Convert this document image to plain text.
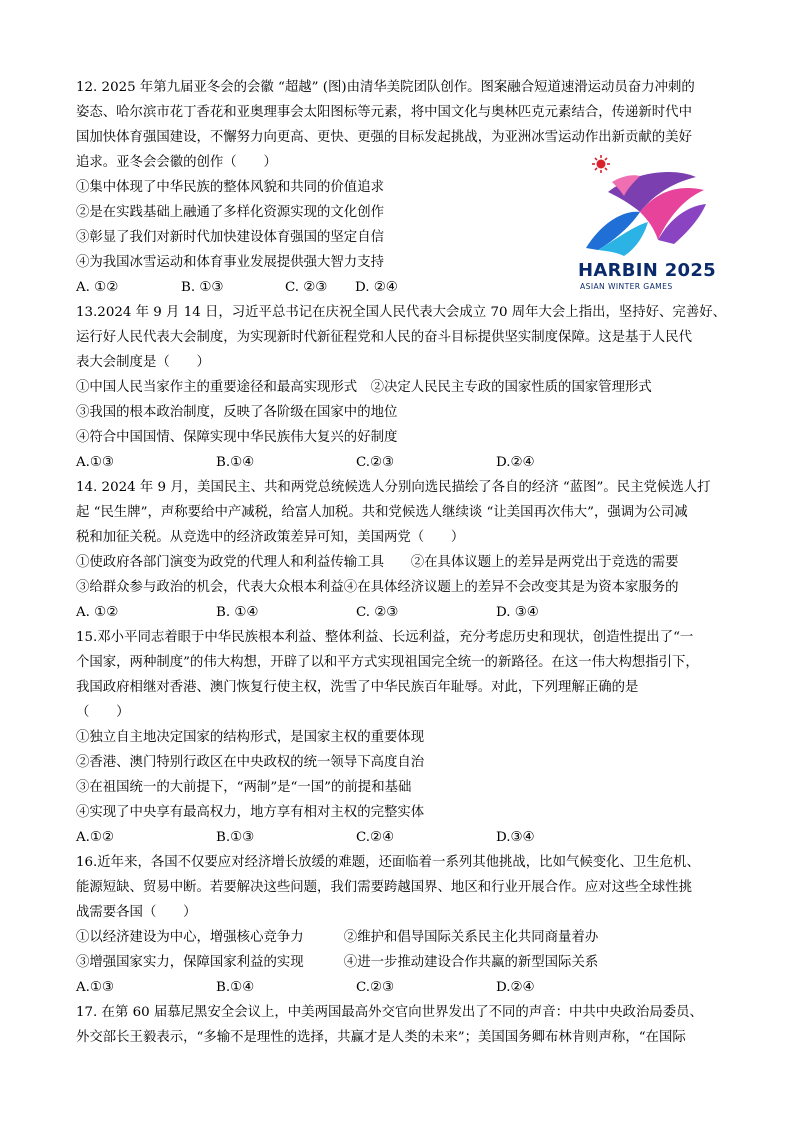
12. 2025 年第九届亚冬会的会徽 “超越” (图)由清华美院团队创作。图案融合短道速滑运动员奋力冲刺的
姿态、哈尔滨市花丁香花和亚奥理事会太阳图标等元素，将中国文化与奥林匹克元素结合，传递新时代中
国加快体育强国建设，不懈努力向更高、更快、更强的目标发起挑战，为亚洲冰雪运动作出新贡献的美好
追求。亚冬会会徽的创作（　　）
①集中体现了中华民族的整体风貌和共同的价值追求
②是在实践基础上融通了多样化资源实现的文化创作
③彰显了我们对新时代加快建设体育强国的坚定自信
④为我国冰雪运动和体育事业发展提供强大智力支持
A. ①②	B. ①③	C. ②③ D. ②④
HARBIN 2025
ASIAN WINTER GAMES
13.2024 年 9 月 14 日，习近平总书记在庆祝全国人民代表大会成立 70 周年大会上指出，坚持好、完善好、
运行好人民代表大会制度，为实现新时代新征程党和人民的奋斗目标提供坚实制度保障。这是基于人民代
表大会制度是（　　）
①中国人民当家作主的重要途径和最高实现形式　②决定人民民主专政的国家性质的国家管理形式
③我国的根本政治制度，反映了各阶级在国家中的地位
④符合中国国情、保障实现中华民族伟大复兴的好制度
A.①③	B.①④	C.②③	D.②④
14. 2024 年 9 月，美国民主、共和两党总统候选人分别向选民描绘了各自的经济 “蓝图”。民主党候选人打
起 “民生牌”，声称要给中产减税，给富人加税。共和党候选人继续谈 “让美国再次伟大”，强调为公司减
税和加征关税。从竞选中的经济政策差异可知，美国两党（　　）
①使政府各部门演变为政党的代理人和利益传输工具　　②在具体议题上的差异是两党出于竞选的需要
③给群众参与政治的机会，代表大众根本利益④在具体经济议题上的差异不会改变其是为资本家服务的
A. ①②	B. ①④	C. ②③	D. ③④
15.邓小平同志着眼于中华民族根本利益、整体利益、长远利益，充分考虑历史和现状，创造性提出了“一
个国家，两种制度”的伟大构想，开辟了以和平方式实现祖国完全统一的新路径。在这一伟大构想指引下，
我国政府相继对香港、澳门恢复行使主权，洗雪了中华民族百年耻辱。对此，下列理解正确的是
（　　）
①独立自主地决定国家的结构形式，是国家主权的重要体现
②香港、澳门特别行政区在中央政权的统一领导下高度自治
③在祖国统一的大前提下，“两制”是“一国”的前提和基础
④实现了中央享有最高权力，地方享有相对主权的完整实体
A.①②	B.①③	C.②④	D.③④
16.近年来，各国不仅要应对经济增长放缓的难题，还面临着一系列其他挑战，比如气候变化、卫生危机、
能源短缺、贸易中断。若要解决这些问题，我们需要跨越国界、地区和行业开展合作。应对这些全球性挑
战需要各国（　　）
①以经济建设为中心，增强核心竞争力　　　②维护和倡导国际关系民主化共同商量着办
③增强国家实力，保障国家利益的实现　　　④进一步推动建设合作共赢的新型国际关系
A.①③	B.①④	C.②③	D.②④
17. 在第 60 届慕尼黑安全会议上，中美两国最高外交官向世界发出了不同的声音：中共中央政治局委员、
外交部长王毅表示，“多输不是理性的选择，共赢才是人类的未来”；美国国务卿布林肯则声称，“在国际
